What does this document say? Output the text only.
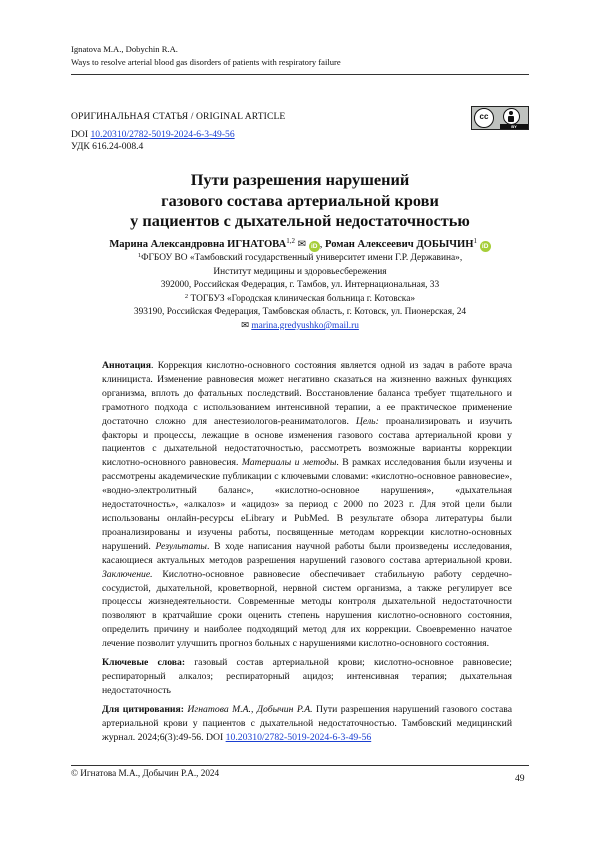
Ignatova M.A., Dobychin R.A.
Ways to resolve arterial blood gas disorders of patients with respiratory failure
ОРИГИНАЛЬНАЯ СТАТЬЯ / ORIGINAL ARTICLE	cc
BY
DOI 10.20310/2782-5019-2024-6-3-49-56
УДК 616.24-008.4
Пути разрешения нарушений
газового состава артериальной крови
у пациентов с дыхательной недостаточностью
Марина Александровна ИГНАТОВА$^{1,2}$ ✉ iD , Роман Алексеевич ДОБЫЧИН$^1$ iD
$^1$ФГБОУ ВО «Тамбовский государственный университет имени Г.Р. Державина»,
Институт медицины и здоровьесбережения
392000, Российская Федерация, г. Тамбов, ул. Интернациональная, 33
$^2$ ТОГБУЗ «Городская клиническая больница г. Котовска»
393190, Российская Федерация, Тамбовская область, г. Котовск, ул. Пионерская, 24
✉ marina.gredyushko@mail.ru

Аннотация. Коррекция кислотно-основного состояния является одной из задач в работе врача клинициста. Изменение равновесия может негативно сказаться на жизненно важных функциях организма, вплоть до фатальных последствий. Восстановление баланса требует тщательного и грамотного подхода с использованием интенсивной терапии, а ее практическое применение достаточно сложно для анестезиологов-реаниматологов. Цель: проанализировать и изучить факторы и процессы, лежащие в основе изменения газового состава артериальной крови у пациентов с дыхательной недостаточностью, рассмотреть возможные варианты коррекции кислотно-основного равновесия. Материалы и методы. В рамках исследования были изучены и рассмотрены академические публикации с ключевыми словами: «кислотно-основное равновесие», «водно-электролитный баланс», «кислотно-основное нарушения», «дыхательная недостаточность», «алкалоз» и «ацидоз» за период с 2000 по 2023 г. Для этой цели были использованы онлайн-ресурсы eLibrary и PubMed. В результате обзора литературы были проанализированы и изучены работы, посвященные методам коррекции кислотно-основных нарушений. Результаты. В ходе написания научной работы были произведены исследования, касающиеся актуальных методов разрешения нарушений газового состава артериальной крови. Заключение. Кислотно-основное равновесие обеспечивает стабильную работу сердечно-сосудистой, дыхательной, кроветворной, нервной систем организма, а также регулирует все процессы жизнедеятельности. Современные методы контроля дыхательной недостаточности позволяют в кратчайшие сроки оценить степень нарушения кислотно-основного состояния, определить причину и наиболее подходящий метод для их коррекции. Своевременно начатое лечение позволит улучшить прогноз больных с нарушениями кислотно-основного состояния.

Ключевые слова: газовый состав артериальной крови; кислотно-основное равновесие; респираторный алкалоз; респираторный ацидоз; интенсивная терапия; дыхательная недостаточность

Для цитирования: Игнатова М.А., Добычин Р.А. Пути разрешения нарушений газового состава артериальной крови у пациентов с дыхательной недостаточностью. Тамбовский медицинский журнал. 2024;6(3):49-56. DOI 10.20310/2782-5019-2024-6-3-49-56

© Игнатова М.А., Добычин Р.А., 2024	49
